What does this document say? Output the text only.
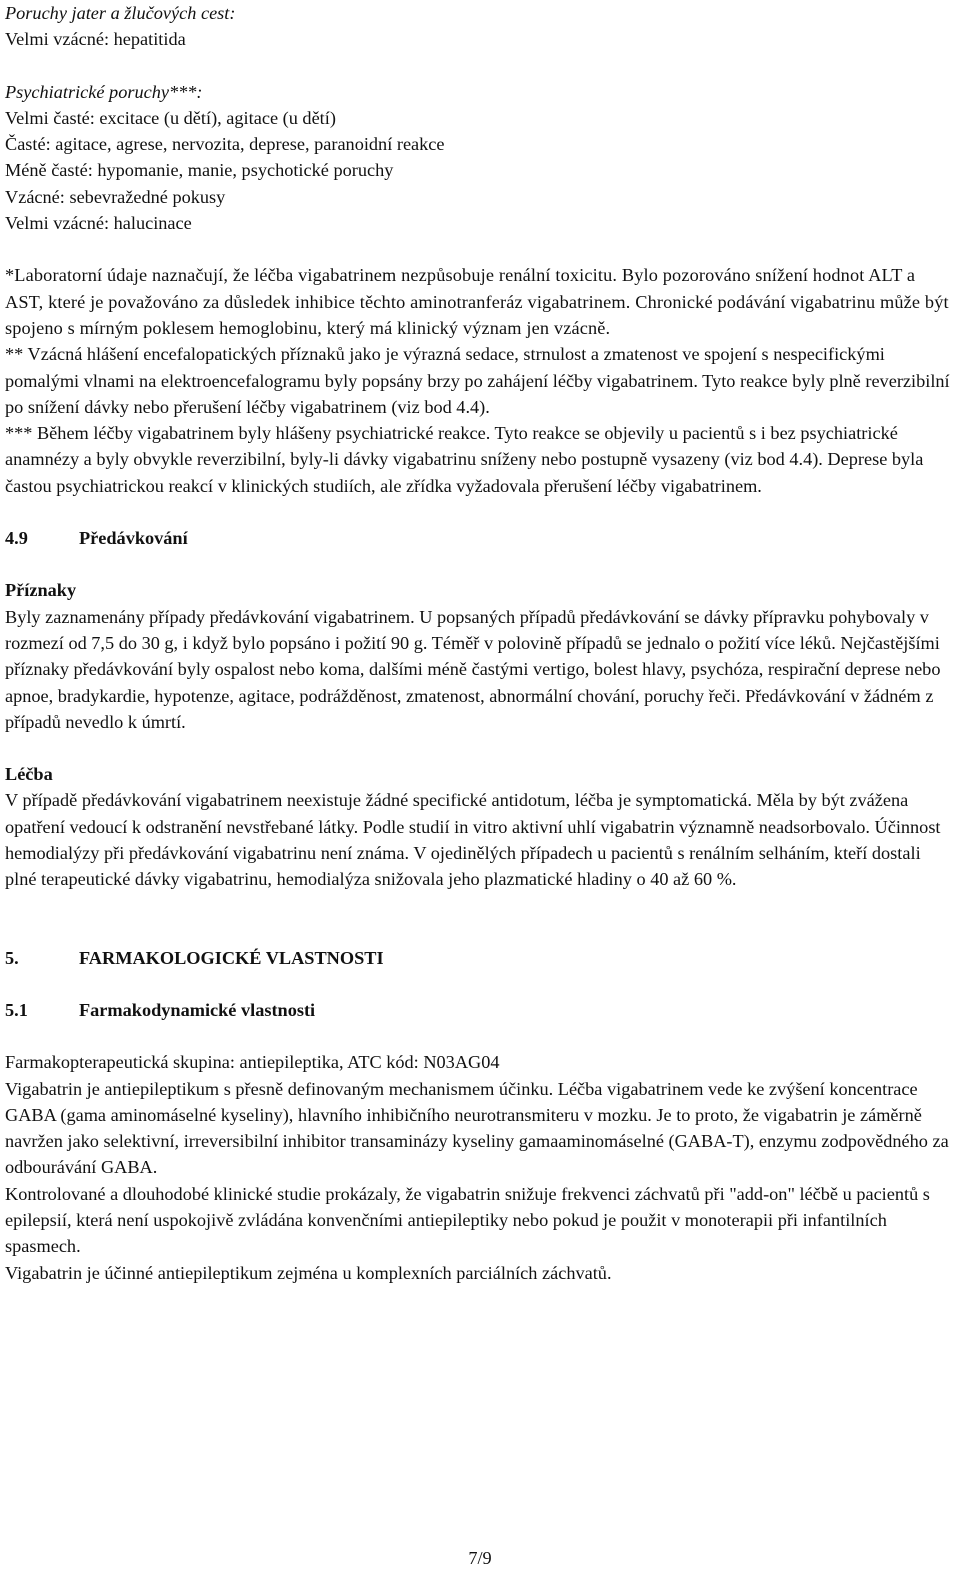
Poruchy jater a žlučových cest:

Velmi vzácné: hepatitida

Psychiatrické poruchy***:

Velmi časté: excitace (u dětí), agitace (u dětí)

Časté: agitace, agrese, nervozita, deprese, paranoidní reakce

Méně časté: hypomanie, manie, psychotické poruchy

Vzácné: sebevražedné pokusy

Velmi vzácné: halucinace

*Laboratorní údaje naznačují, že léčba vigabatrinem nezpůsobuje renální toxicitu. Bylo pozorováno snížení hodnot ALT a AST, které je považováno za důsledek inhibice těchto aminotranferáz vigabatrinem. Chronické podávání vigabatrinu může být spojeno s mírným poklesem hemoglobinu, který má klinický význam jen vzácně.

** Vzácná hlášení encefalopatických příznaků jako je výrazná sedace, strnulost a zmatenost ve spojení s nespecifickými pomalými vlnami na elektroencefalogramu byly popsány brzy po zahájení léčby vigabatrinem. Tyto reakce byly plně reverzibilní po snížení dávky nebo přerušení léčby vigabatrinem (viz bod 4.4).

*** Během léčby vigabatrinem byly hlášeny psychiatrické reakce. Tyto reakce se objevily u pacientů s i bez psychiatrické anamnézy a byly obvykle reverzibilní, byly-li dávky vigabatrinu sníženy nebo postupně vysazeny (viz bod 4.4). Deprese byla častou psychiatrickou reakcí v klinických studiích, ale zřídka vyžadovala přerušení léčby vigabatrinem.

4.9	Předávkování

Příznaky

Byly zaznamenány případy předávkování vigabatrinem. U popsaných případů předávkování se dávky přípravku pohybovaly v rozmezí od 7,5 do 30 g, i když bylo popsáno i požití 90 g. Téměř v polovině případů se jednalo o požití více léků. Nejčastějšími příznaky předávkování byly ospalost nebo koma, dalšími méně častými vertigo, bolest hlavy, psychóza, respirační deprese nebo apnoe, bradykardie, hypotenze, agitace, podrážděnost, zmatenost, abnormální chování, poruchy řeči. Předávkování v žádném z případů nevedlo k úmrtí.

Léčba

V případě předávkování vigabatrinem neexistuje žádné specifické antidotum, léčba je symptomatická. Měla by být zvážena opatření vedoucí k odstranění nevstřebané látky. Podle studií in vitro aktivní uhlí vigabatrin významně neadsorbovalo. Účinnost hemodialýzy při předávkování vigabatrinu není známa. V ojedinělých případech u pacientů s renálním selháním, kteří dostali plné terapeutické dávky vigabatrinu, hemodialýza snižovala jeho plazmatické hladiny o 40 až 60 %.

5.	FARMAKOLOGICKÉ VLASTNOSTI
5.1	Farmakodynamické vlastnosti

Farmakopterapeutická skupina: antiepileptika, ATC kód: N03AG04

Vigabatrin je antiepileptikum s přesně definovaným mechanismem účinku. Léčba vigabatrinem vede ke zvýšení koncentrace GABA (gama aminomáselné kyseliny), hlavního inhibičního neurotransmiteru v mozku. Je to proto, že vigabatrin je záměrně navržen jako selektivní, irreversibilní inhibitor transaminázy kyseliny gamaaminomáselné (GABA-T), enzymu zodpovědného za odbourávání GABA.

Kontrolované a dlouhodobé klinické studie prokázaly, že vigabatrin snižuje frekvenci záchvatů při "add-on" léčbě u pacientů s epilepsií, která není uspokojivě zvládána konvenčními antiepileptiky nebo pokud je použit v monoterapii při infantilních spasmech.

Vigabatrin je účinné antiepileptikum zejména u komplexních parciálních záchvatů.

7/9
